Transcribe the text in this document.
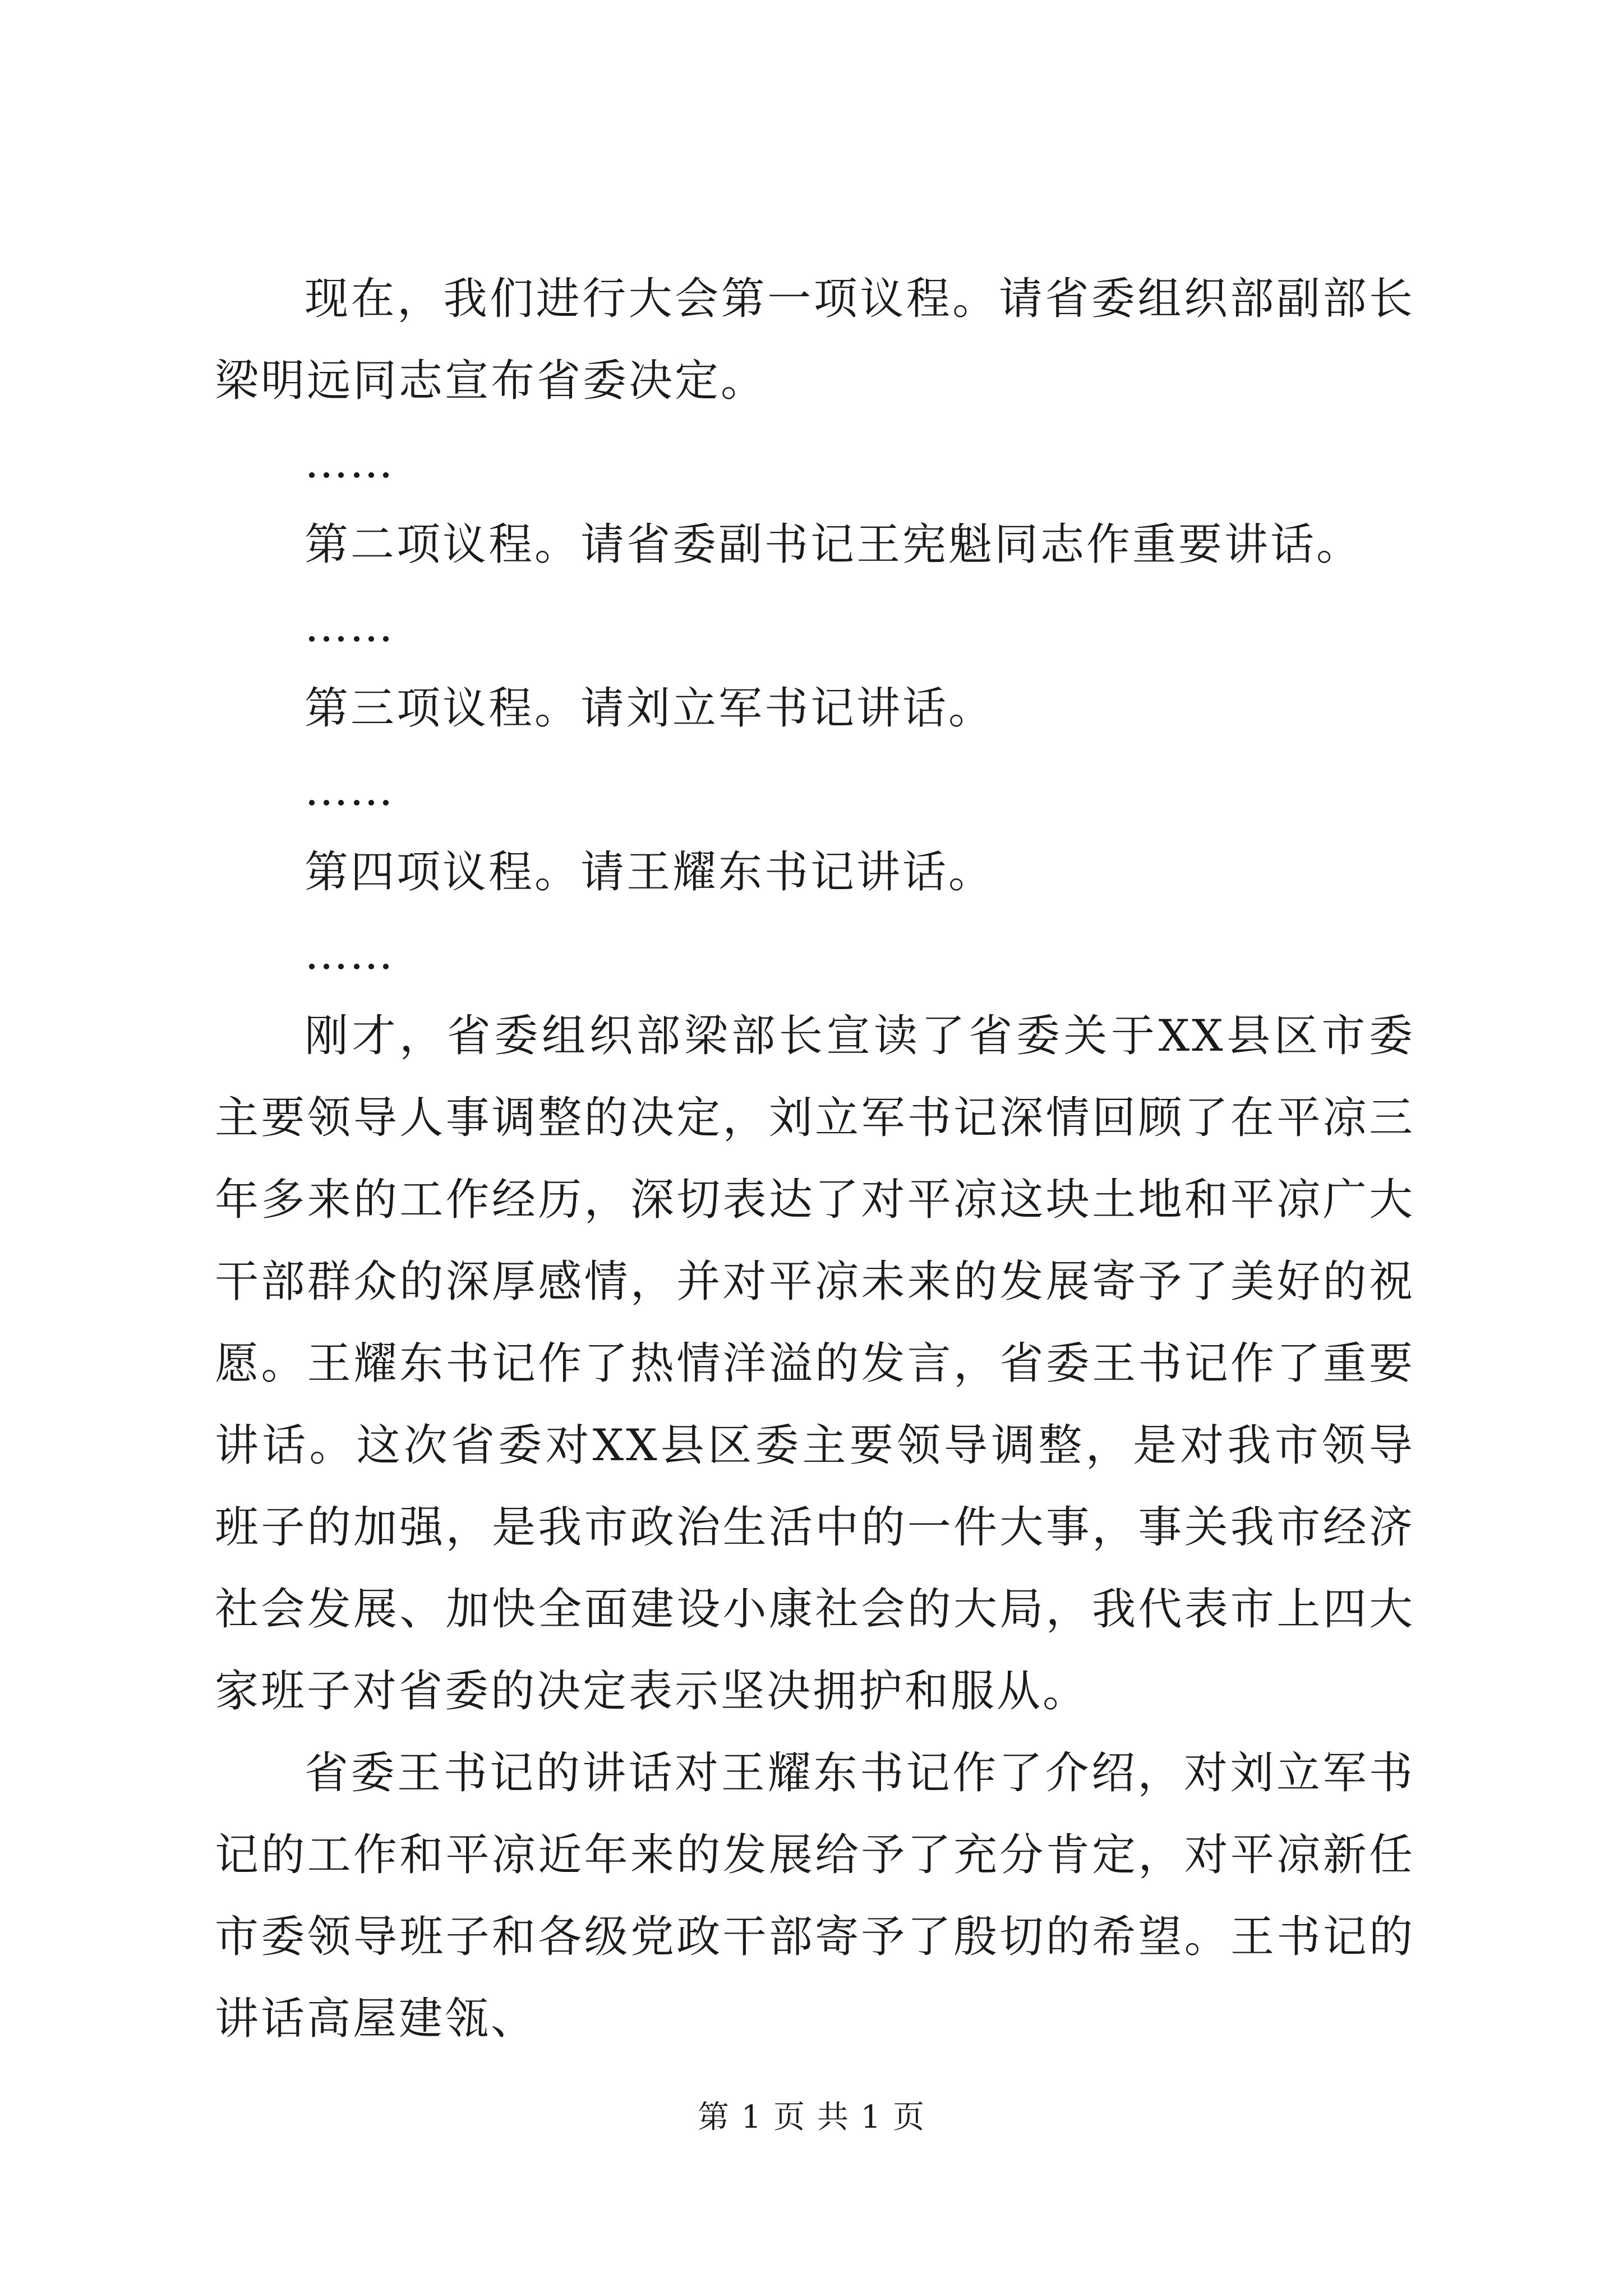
现在，我们进行大会第一项议程。请省委组织部副部长梁明远同志宣布省委决定。

……

第二项议程。请省委副书记王宪魁同志作重要讲话。

……

第三项议程。请刘立军书记讲话。

……

第四项议程。请王耀东书记讲话。

……

刚才，省委组织部梁部长宣读了省委关于XX县区市委主要领导人事调整的决定，刘立军书记深情回顾了在平凉三年多来的工作经历，深切表达了对平凉这块土地和平凉广大干部群众的深厚感情，并对平凉未来的发展寄予了美好的祝愿。王耀东书记作了热情洋溢的发言，省委王书记作了重要讲话。这次省委对XX县区委主要领导调整，是对我市领导班子的加强，是我市政治生活中的一件大事，事关我市经济社会发展、加快全面建设小康社会的大局，我代表市上四大家班子对省委的决定表示坚决拥护和服从。

省委王书记的讲话对王耀东书记作了介绍，对刘立军书记的工作和平凉近年来的发展给予了充分肯定，对平凉新任市委领导班子和各级党政干部寄予了殷切的希望。王书记的讲话高屋建瓴、

第 1 页 共 1 页
